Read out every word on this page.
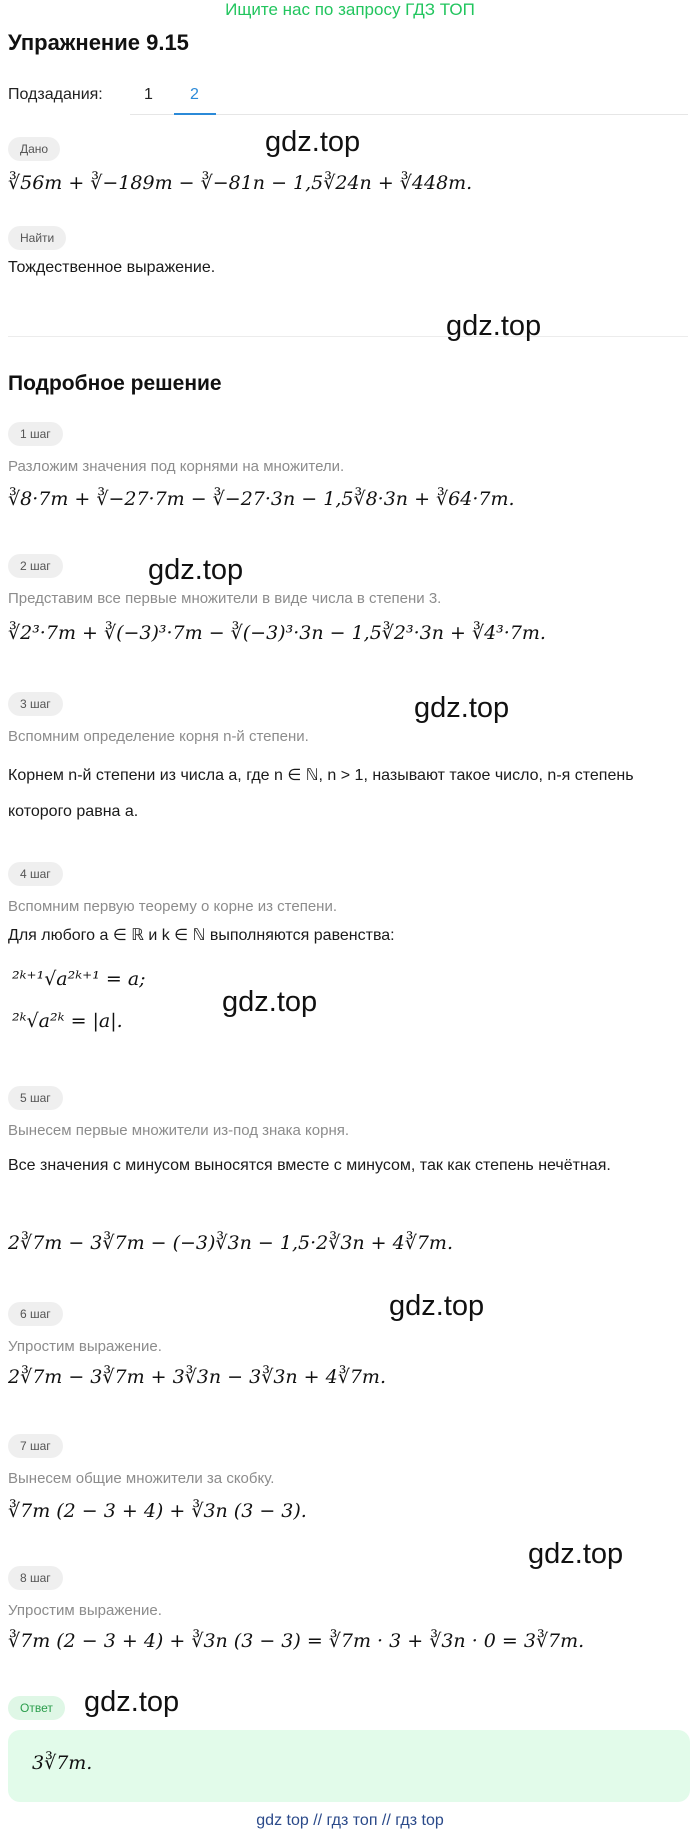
Ищите нас по запросу ГДЗ ТОП
Упражнение 9.15
Подзадания:	1 2
Дано
∛56m + ∛−189m − ∛−81n − 1,5∛24n + ∛448m.
Найти
Тождественное выражение.
Подробное решение
1 шаг
Разложим значения под корнями на множители.
∛8·7m + ∛−27·7m − ∛−27·3n − 1,5∛8·3n + ∛64·7m.
2 шаг
Представим все первые множители в виде числа в степени 3.
∛2³·7m + ∛(−3)³·7m − ∛(−3)³·3n − 1,5∛2³·3n + ∛4³·7m.
3 шаг
Вспомним определение корня n-й степени.
Корнем n-й степени из числа a, где n ∈ ℕ, n > 1, называют такое число, n-я степень которого равна a.
4 шаг
Вспомним первую теорему о корне из степени.
Для любого a ∈ ℝ и k ∈ ℕ выполняются равенства:
²ᵏ⁺¹√a²ᵏ⁺¹ = a;
²ᵏ√a²ᵏ = |a|.
5 шаг
Вынесем первые множители из-под знака корня.
Все значения с минусом выносятся вместе с минусом, так как степень нечётная.
2∛7m − 3∛7m − (−3)∛3n − 1,5·2∛3n + 4∛7m.
6 шаг
Упростим выражение.
2∛7m − 3∛7m + 3∛3n − 3∛3n + 4∛7m.
7 шаг
Вынесем общие множители за скобку.
∛7m (2 − 3 + 4) + ∛3n (3 − 3).
8 шаг
Упростим выражение.
∛7m (2 − 3 + 4) + ∛3n (3 − 3) = ∛7m · 3 + ∛3n · 0 = 3∛7m.
Ответ
3∛7m.
gdz.top
gdz.top
gdz.top
gdz.top
gdz.top
gdz.top
gdz.top
gdz.top
gdz top // гдз топ // гдз top
